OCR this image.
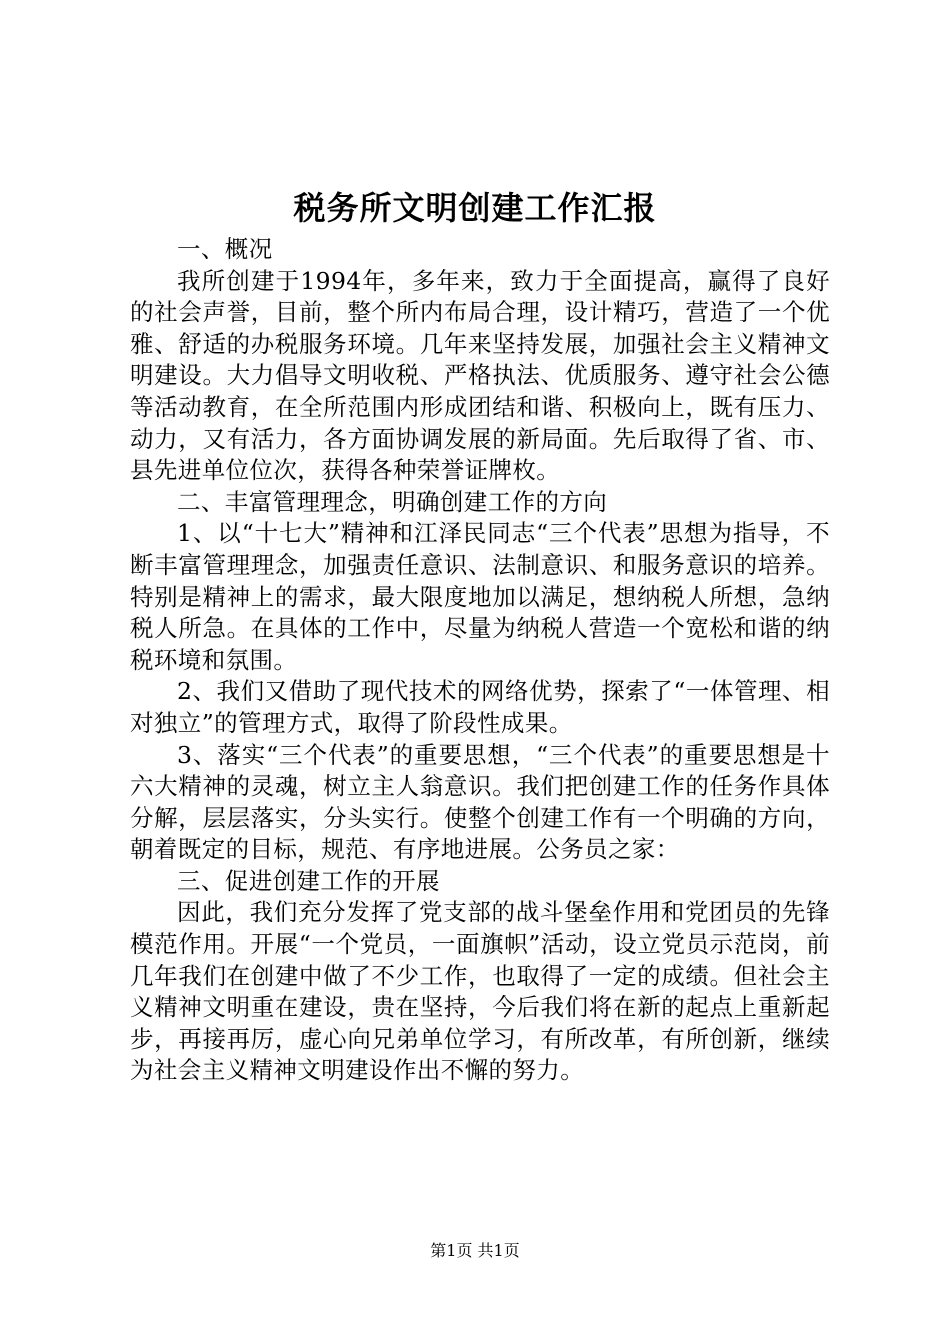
税务所文明创建工作汇报

一、概况

我所创建于1994年，多年来，致力于全面提高，赢得了良好的社会声誉，目前，整个所内布局合理，设计精巧，营造了一个优雅、舒适的办税服务环境。几年来坚持发展，加强社会主义精神文明建设。大力倡导文明收税、严格执法、优质服务、遵守社会公德等活动教育，在全所范围内形成团结和谐、积极向上，既有压力、动力，又有活力，各方面协调发展的新局面。先后取得了省、市、县先进单位位次，获得各种荣誉证牌枚。

二、丰富管理理念，明确创建工作的方向

1、以“十七大”精神和江泽民同志“三个代表”思想为指导，不断丰富管理理念，加强责任意识、法制意识、和服务意识的培养。特别是精神上的需求，最大限度地加以满足，想纳税人所想，急纳税人所急。在具体的工作中，尽量为纳税人营造一个宽松和谐的纳税环境和氛围。

2、我们又借助了现代技术的网络优势，探索了“一体管理、相对独立”的管理方式，取得了阶段性成果。

3、落实“三个代表”的重要思想，“三个代表”的重要思想是十六大精神的灵魂，树立主人翁意识。我们把创建工作的任务作具体分解，层层落实，分头实行。使整个创建工作有一个明确的方向，朝着既定的目标，规范、有序地进展。公务员之家：

三、促进创建工作的开展

因此，我们充分发挥了党支部的战斗堡垒作用和党团员的先锋模范作用。开展“一个党员，一面旗帜”活动，设立党员示范岗，前几年我们在创建中做了不少工作，也取得了一定的成绩。但社会主义精神文明重在建设，贵在坚持，今后我们将在新的起点上重新起步，再接再厉，虚心向兄弟单位学习，有所改革，有所创新，继续为社会主义精神文明建设作出不懈的努力。

第1页 共1页
